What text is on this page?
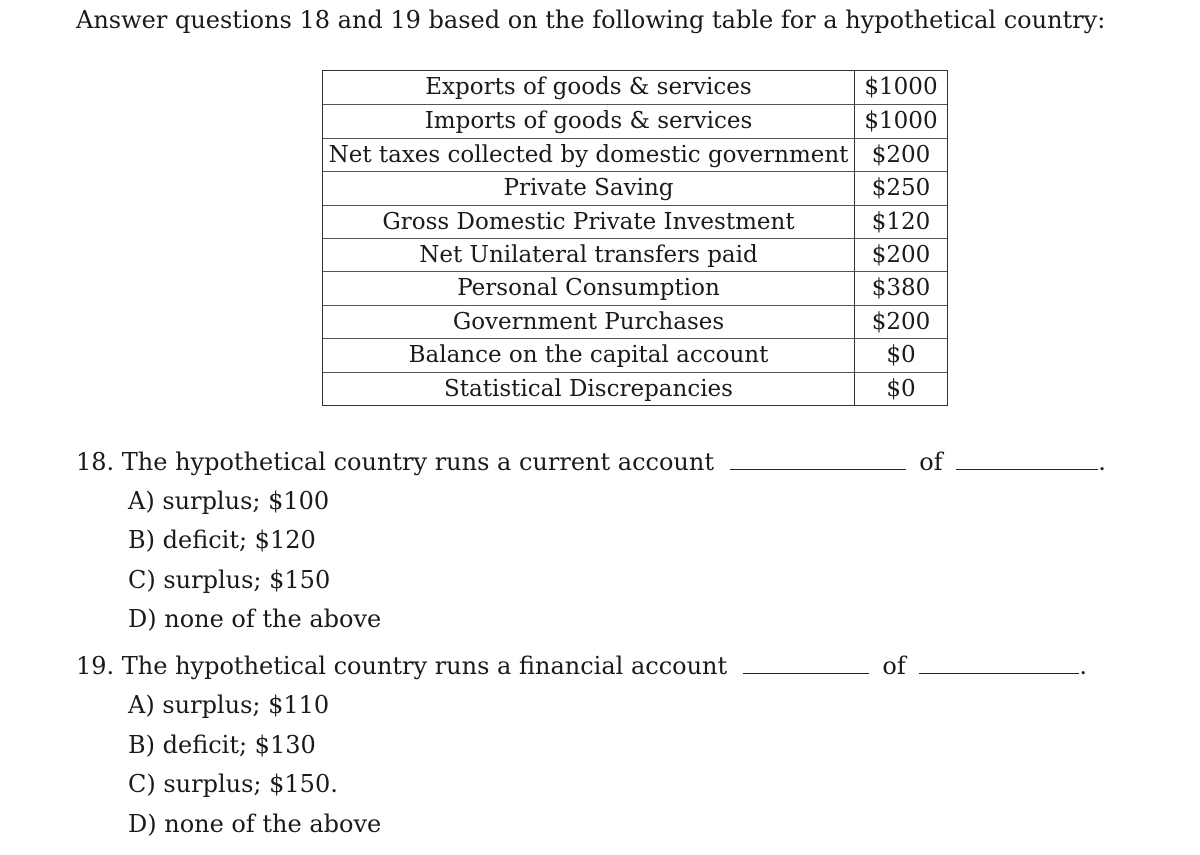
Answer questions 18 and 19 based on the following table for a hypothetical country:
Exports of goods & services	$1000
Imports of goods & services	$1000
Net taxes collected by domestic government	$200
Private Saving	$250
Gross Domestic Private Investment	$120
Net Unilateral transfers paid	$200
Personal Consumption	$380
Government Purchases	$200
Balance on the capital account	$0
Statistical Discrepancies	$0
18. The hypothetical country runs a current account	of	.
A) surplus; $100
B) deficit; $120
C) surplus; $150
D) none of the above
19. The hypothetical country runs a financial account	of	.
A) surplus; $110
B) deficit; $130
C) surplus; $150.
D) none of the above
